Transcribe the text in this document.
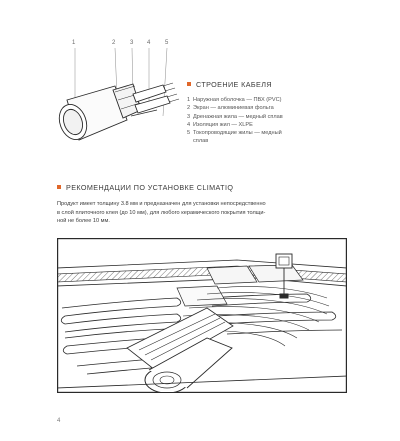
1	2 3 4 5
СТРОЕНИЕ КАБЕЛЯ
1 Наружная оболочка — ПВХ (PVC)
2 Экран — алюминиевая фольга
3 Дренажная жила — медный сплав
4 Изоляция жил — XLPE
5 Токопроводящие жилы — медный
сплав
РЕКОМЕНДАЦИИ ПО УСТАНОВКЕ CLIMATIQ
Продукт имеет толщину 3.8 мм и предназначен для установки непосредственно
в слой плиточного клея (до 10 мм), для любого керамического покрытия толщи-
ной не более 10 мм.
4
